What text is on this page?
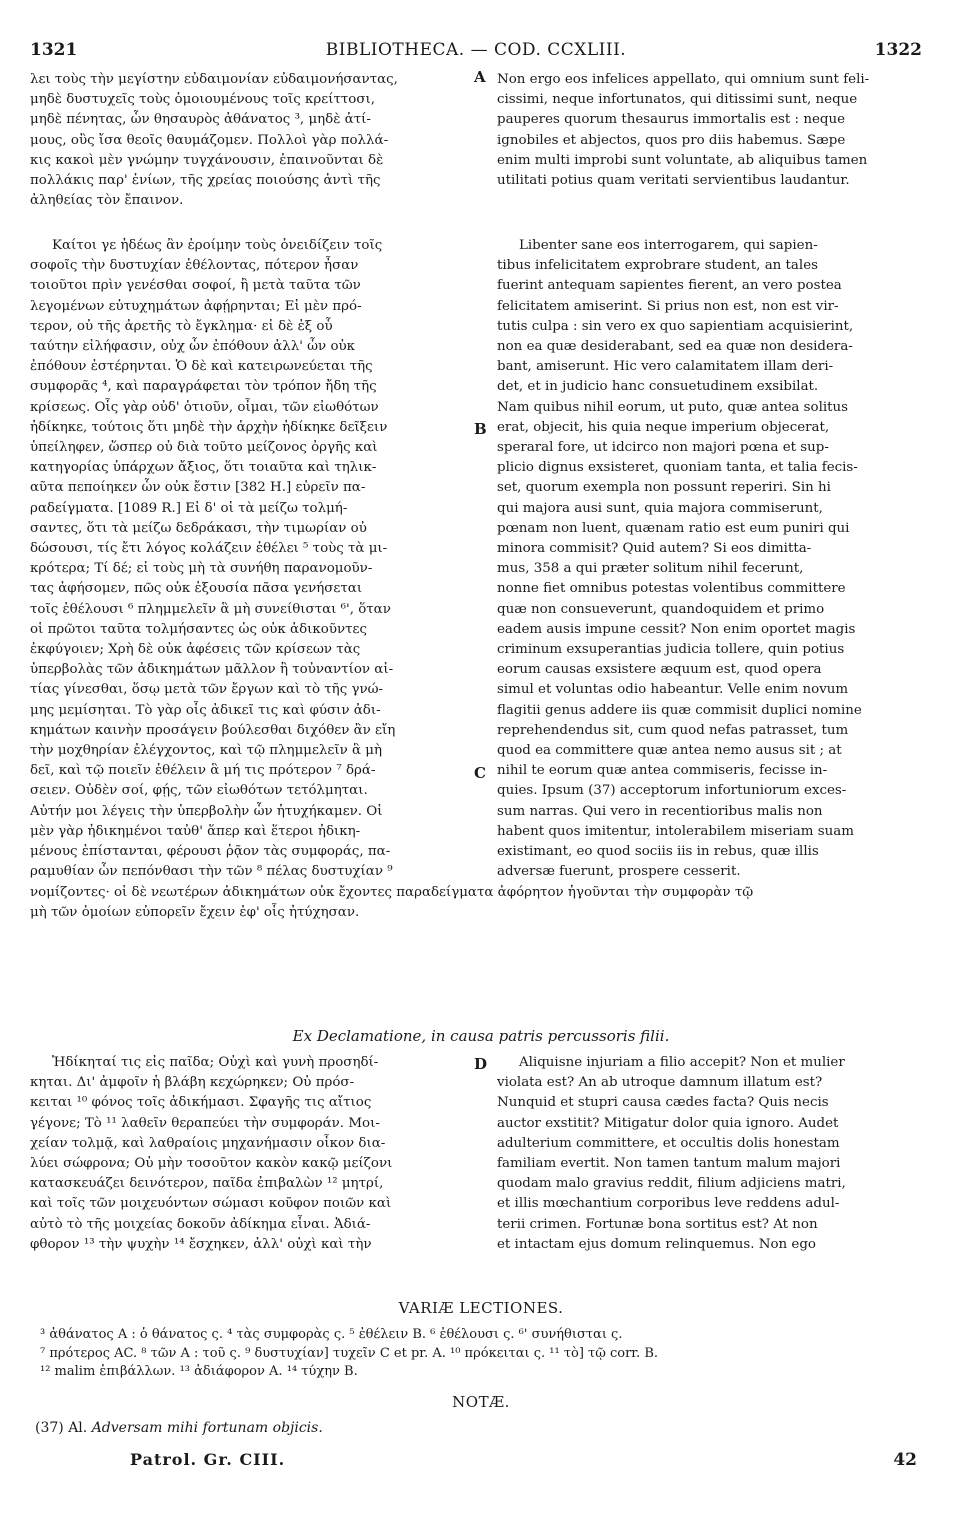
1321	BIBLIOTHECA. — COD. CCXLIII.	1322

λει τοὺς τὴν μεγίστην εὐδαιμονίαν εὐδαιμονήσαντας,

μηδὲ δυστυχεῖς τοὺς ὁμοιουμένους τοῖς κρείττοσι,

μηδὲ πένητας, ὧν θησαυρὸς ἀθάνατος ³, μηδὲ ἀτί-

μους, οὓς ἴσα θεοῖς θαυμάζομεν. Πολλοὶ γὰρ πολλά-

κις κακοὶ μὲν γνώμην τυγχάνουσιν, ἐπαινοῦνται δὲ

πολλάκις παρ' ἐνίων, τῆς χρείας ποιούσης ἀντὶ τῆς

ἀληθείας τὸν ἔπαινον.

A Non ergo eos infelices appellato, qui omnium sunt feli-

cissimi, neque infortunatos, qui ditissimi sunt, neque

pauperes quorum thesaurus immortalis est : neque

ignobiles et abjectos, quos pro diis habemus. Sæpe

enim multi improbi sunt voluntate, ab aliquibus tamen

utilitati potius quam veritati servientibus laudantur.

Καίτοι γε ἡδέως ἂν ἐροίμην τοὺς ὀνειδίζειν τοῖς

σοφοῖς τὴν δυστυχίαν ἐθέλοντας, πότερον ἦσαν

τοιοῦτοι πρὶν γενέσθαι σοφοί, ἢ μετὰ ταῦτα τῶν

λεγομένων εὐτυχημάτων ἀφῄρηνται; Εἰ μὲν πρό-

τερον, οὐ τῆς ἀρετῆς τὸ ἔγκλημα· εἰ δὲ ἐξ οὗ

ταύτην εἰλήφασιν, οὐχ ὧν ἐπόθουν ἀλλ' ὧν οὐκ

ἐπόθουν ἐστέρηνται. Ὁ δὲ καὶ κατειρωνεύεται τῆς

συμφορᾶς ⁴, καὶ παραγράφεται τὸν τρόπον ἤδη τῆς

κρίσεως. Οἷς γὰρ οὐδ' ὁτιοῦν, οἶμαι, τῶν εἰωθότων

ἠδίκηκε, τούτοις ὅτι μηδὲ τὴν ἀρχὴν ἠδίκηκε δεῖξειν

ὑπείληφεν, ὥσπερ οὐ διὰ τοῦτο μείζονος ὀργῆς καὶ

κατηγορίας ὑπάρχων ἄξιος, ὅτι τοιαῦτα καὶ τηλικ-

αῦτα πεποίηκεν ὧν οὐκ ἔστιν [382 H.] εὑρεῖν πα-

ραδείγματα. [1089 R.] Εἰ δ' οἱ τὰ μείζω τολμή-

σαντες, ὅτι τὰ μείζω δεδράκασι, τὴν τιμωρίαν οὐ

δώσουσι, τίς ἔτι λόγος κολάζειν ἐθέλει ⁵ τοὺς τὰ μι-

κρότερα; Τί δέ; εἰ τοὺς μὴ τὰ συνήθη παρανομοῦν-

τας ἀφήσομεν, πῶς οὐκ ἐξουσία πᾶσα γενήσεται

τοῖς ἐθέλουσι ⁶ πλημμελεῖν ἃ μὴ συνείθισται ⁶', ὅταν

οἱ πρῶτοι ταῦτα τολμήσαντες ὡς οὐκ ἀδικοῦντες

ἐκφύγοιεν; Χρὴ δὲ οὐκ ἀφέσεις τῶν κρίσεων τὰς

ὑπερβολὰς τῶν ἀδικημάτων μᾶλλον ἢ τοὐναντίον αἰ-

τίας γίνεσθαι, ὅσῳ μετὰ τῶν ἔργων καὶ τὸ τῆς γνώ-

μης μεμίσηται. Τὸ γὰρ οἷς ἀδικεῖ τις καὶ φύσιν ἀδι-

κημάτων καινὴν προσάγειν βούλεσθαι διχόθεν ἂν εἴη

τὴν μοχθηρίαν ἐλέγχοντος, καὶ τῷ πλημμελεῖν ἃ μὴ

δεῖ, καὶ τῷ ποιεῖν ἐθέλειν ἃ μή τις πρότερον ⁷ δρά-

σειεν. Οὐδὲν σοί, φῄς, τῶν εἰωθότων τετόλμηται.

Αὐτήν μοι λέγεις τὴν ὑπερβολὴν ὧν ἠτυχήκαμεν. Οἱ

μὲν γὰρ ἠδικημένοι ταὐθ' ἅπερ καὶ ἕτεροι ἠδικη-

μένους ἐπίστανται, φέρουσι ῥᾷον τὰς συμφοράς, πα-

ραμυθίαν ὧν πεπόνθασι τὴν τῶν ⁸ πέλας δυστυχίαν ⁹

B
C

Libenter sane eos interrogarem, qui sapien-

tibus infelicitatem exprobrare student, an tales

fuerint antequam sapientes fierent, an vero postea

felicitatem amiserint. Si prius non est, non est vir-

tutis culpa : sin vero ex quo sapientiam acquisierint,

non ea quæ desiderabant, sed ea quæ non desidera-

bant, amiserunt. Hic vero calamitatem illam deri-

det, et in judicio hanc consuetudinem exsibilat.

Nam quibus nihil eorum, ut puto, quæ antea solitus

erat, objecit, his quia neque imperium objecerat,

speraral fore, ut idcirco non majori pœna et sup-

plicio dignus exsisteret, quoniam tanta, et talia fecis-

set, quorum exempla non possunt reperiri. Sin hi

qui majora ausi sunt, quia majora commiserunt,

pœnam non luent, quænam ratio est eum puniri qui

minora commisit? Quid autem? Si eos dimitta-

mus, 358 a qui præter solitum nihil fecerunt,

nonne fiet omnibus potestas volentibus committere

quæ non consueverunt, quandoquidem et primo

eadem ausis impune cessit? Non enim oportet magis

criminum exsuperantias judicia tollere, quin potius

eorum causas exsistere æquum est, quod opera

simul et voluntas odio habeantur. Velle enim novum

flagitii genus addere iis quæ commisit duplici nomine

reprehendendus sit, cum quod nefas patrasset, tum

quod ea committere quæ antea nemo ausus sit ; at

nihil te eorum quæ antea commiseris, fecisse in-

quies. Ipsum (37) acceptorum infortuniorum exces-

sum narras. Qui vero in recentioribus malis non

habent quos imitentur, intolerabilem miseriam suam

existimant, eo quod sociis iis in rebus, quæ illis

adversæ fuerunt, prospere cesserit.

νομίζοντες· οἱ δὲ νεωτέρων ἀδικημάτων οὐκ ἔχοντες παραδείγματα ἀφόρητον ἡγοῦνται τὴν συμφορὰν τῷ

μὴ τῶν ὁμοίων εὐπορεῖν ἔχειν ἐφ' οἷς ἠτύχησαν.

Ex Declamatione, in causa patris percussoris filii.

Ἠδίκηταί τις εἰς παῖδα; Οὐχὶ καὶ γυνὴ προσηδί-

κηται. Δι' ἀμφοῖν ἡ βλάβη κεχώρηκεν; Οὐ πρόσ-

κειται ¹⁰ φόνος τοῖς ἀδικήμασι. Σφαγῆς τις αἴτιος

γέγονε; Τὸ ¹¹ λαθεῖν θεραπεύει τὴν συμφοράν. Μοι-

χείαν τολμᾷ, καὶ λαθραίοις μηχανήμασιν οἶκον δια-

λύει σώφρονα; Οὐ μὴν τοσοῦτον κακὸν κακῷ μείζονι

κατασκευάζει δεινότερον, παῖδα ἐπιβαλὼν ¹² μητρί,

καὶ τοῖς τῶν μοιχευόντων σώμασι κοῦφον ποιῶν καὶ

αὐτὸ τὸ τῆς μοιχείας δοκοῦν ἀδίκημα εἶναι. Ἀδιά-

φθορον ¹³ τὴν ψυχὴν ¹⁴ ἔσχηκεν, ἀλλ' οὐχὶ καὶ τὴν

D	Aliquisne injuriam a filio accepit? Non et mulier

violata est? An ab utroque damnum illatum est?

Nunquid et stupri causa cædes facta? Quis necis

auctor exstitit? Mitigatur dolor quia ignoro. Audet

adulterium committere, et occultis dolis honestam

familiam evertit. Non tamen tantum malum majori

quodam malo gravius reddit, filium adjiciens matri,

et illis mœchantium corporibus leve reddens adul-

terii crimen. Fortunæ bona sortitus est? At non

et intactam ejus domum relinquemus. Non ego

VARIÆ LECTIONES.

³ ἀθάνατος A : ὁ θάνατος ς. ⁴ τὰς συμφορὰς ς. ⁵ ἐθέλειν B. ⁶ ἐθέλουσι ς. ⁶' συνήθισται ς.

⁷ πρότερος AC. ⁸ τῶν A : τοῦ ς. ⁹ δυστυχίαν] τυχεῖν C et pr. A. ¹⁰ πρόκειται ς. ¹¹ τὸ] τῷ corr. B.

¹² malim ἐπιβάλλων. ¹³ ἀδιάφορον A. ¹⁴ τύχην B.

NOTÆ.
(37) Al. Adversam mihi fortunam objicis.
Patrol. Gr. CIII.	42
